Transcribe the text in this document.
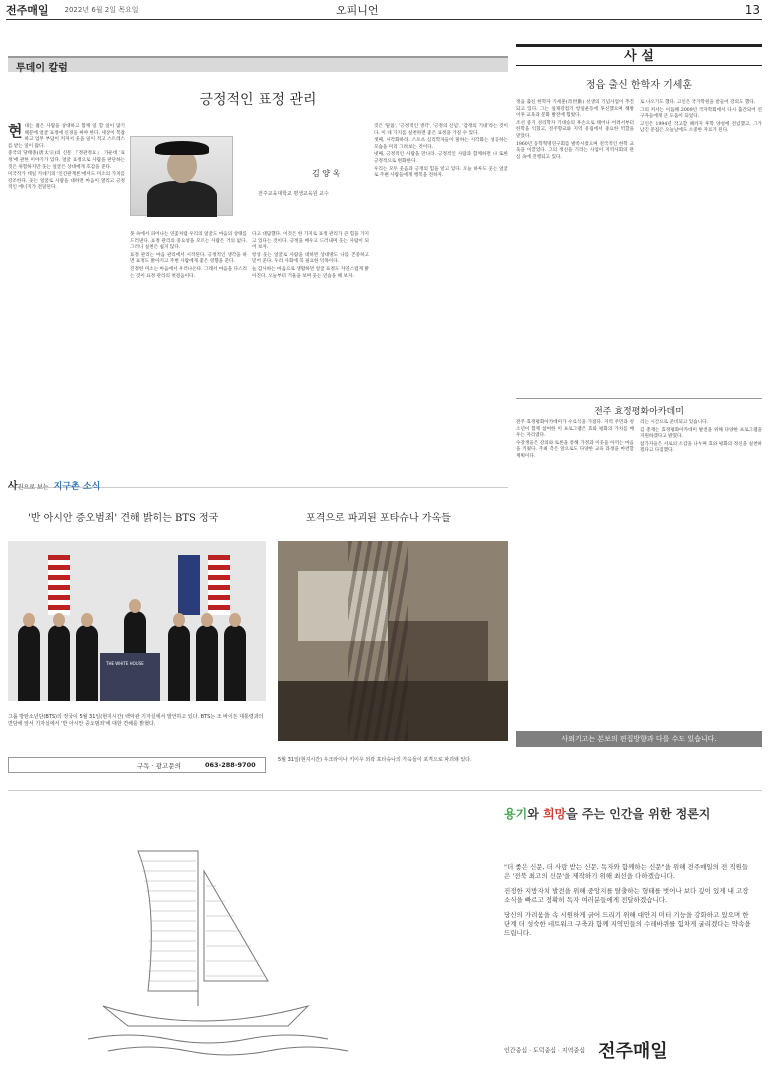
전주매일 2022년 6월 2일 목요일	오피니언	13
투데이 칼럼
긍정적인 표정 관리
현 대는 젊은 사람을 상대하고 함께 일 할 일이 많기 때문에 얼굴 표정에 신경을 써야 한다. 세상이 복잡하고 업무 부담이 커져서 웃을 일이 적고 스트레스를 받는 일이 많다.

중국의 당태종(唐太宗)의 신문 『정관정요』 가운데 '표정'에 관한 이야기가 있다. 얼굴 표정으로 사람을 판단하는 것은 위험하지만 웃는 얼굴은 상대에게 호감을 준다.

미국작가 데일 카네기의 '인간관계론'에서도 미소의 가치를 강조한다. 웃는 얼굴로 사람을 대하면 마음이 열리고 긍정적인 에너지가 전달된다.

김 양 옥
전주교육대학교 평생교육원 교수

못 속에서 피어나는 연꽃처럼 우리의 얼굴도 마음의 상태를 드러낸다. 표정 관리의 중요성을 모르는 사람은 거의 없다. 그러나 실천은 쉽지 않다.

표정 관리는 마음 관리에서 시작된다. 긍정적인 생각을 하면 표정도 밝아지고 주변 사람에게 좋은 영향을 준다.

진정한 미소는 마음에서 우러나온다. 그래서 마음을 다스리는 것이 표정 관리의 첫걸음이다.

다고 대답했다. 이것은 한 가지로 표정 관리가 큰 힘을 가지고 있다는 것이다. 긍정을 배우고 드러내며 웃는 사람이 되어 보자.

항상 웃는 얼굴로 사람을 대하면 상대방도 나를 존중하고 믿어 준다. 우리 사회에 꼭 필요한 덕목이다.

늘 감사하는 마음으로 생활하면 얼굴 표정도 자연스럽게 밝아진다. 오늘부터 거울을 보며 웃는 연습을 해 보자.

것은 '말씀', '긍정적인 생각', '긍정의 신념', '감정의 기대'라는 것이다. 이 네 가지를 실천하면 좋은 표정을 가질 수 있다.

셋째, 시각화하라. 스포츠 심리학자들이 말하는 시각화는 성공하는 모습을 미리 그려보는 것이다.

넷째, 긍정적인 사람을 만나라. 긍정적인 사람과 함께하면 나 또한 긍정적으로 변화한다.

우리는 모두 웃음과 긍정의 힘을 알고 있다. 오늘 하루도 웃는 얼굴로 주변 사람들에게 행복을 전하자.

사진으로 보는 지구촌 소식
'반 아시안 증오범죄' 견해 밝히는 BTS 정국	포격으로 파괴된 포타슈나 가옥들
THE WHITE HOUSE
그룹 방탄소년단(BTS)의 정국이 5월 31일(현지시간) 백악관 기자실에서 발언하고 있다. BTS는 조 바이든 대통령과의 면담에 앞서 기자실에서 '반 아시안 증오범죄'에 대한 견해를 밝혔다.
구독 · 광고문의	063-288-9700
5월 31일(현지시간) 우크라이나 키이우 외곽 포타슈나의 가옥들이 포격으로 파괴돼 있다.
사 설
정읍 출신 한학자 기세훈

정읍 출신 한학자 기세훈(奇世勳) 선생의 기념사업이 추진되고 있다. 그는 일제강점기 항일운동에 투신했으며 해방 이후 교육과 문화 발전에 힘썼다.

조선 중기 성리학자 기대승의 후손으로 태어나 어려서부터 한학을 익혔고, 전주향교와 지역 유림에서 중요한 역할을 맡았다.

1960년 동학혁명연구회를 발족시켰으며 전국적인 한학 교육을 이끌었다. 그의 정신을 기리는 사업이 지역사회의 관심 속에 진행되고 있다.

로 나오기도 했다. 고인은 국가학원을 받들어 강의도 했다.

그의 저서는 이듬해 2009년 국자학회에서 다시 출간되어 연구자들에게 큰 도움이 되었다.

고인은 1994년 작고할 때까지 후학 양성에 전념했고, 그가 남긴 문집은 오늘날에도 소중한 자료가 된다.

전주 효정평화아카데미

전주 효정평화아카데미가 수료식을 가졌다. 지역 주민과 청소년이 함께 참여한 이 프로그램은 효와 평화의 가치를 배우는 자리였다.

수강생들은 강의와 토론을 통해 가정과 이웃을 아끼는 마음을 키웠다. 주최 측은 앞으로도 다양한 교육 과정을 마련할 계획이다.

리는 시간으로 준비되고 있습니다.

김 총재는 효정평화아카데미 발전을 위해 다양한 프로그램을 지원하겠다고 밝혔다.

참가자들은 서로의 소감을 나누며 효와 평화의 정신을 실천하겠다고 다짐했다.

사외기고는 본보의 편집방향과 다를 수도 있습니다.
용기와 희망을 주는 인간을 위한 정론지

"더 좋은 신문, 더 사랑 받는 신문, 독자와 함께하는 신문"을 위해 전주매일의 전 직원들은 '전북 최고의 신문'을 제작하기 위해 최선을 다하겠습니다.

진정한 지방자치 발전을 위해 중앙지를 탈출하는 형태를 벗어나 보다 깊이 있게 내 고장 소식을 빠르고 정확히 독자 여러분들에게 전달하겠습니다.

당신의 가려움을 속 시원하게 긁어 드리기 위해 대안지 미터 기능을 강화하고 있으며 한 단계 더 성숙한 네트워크 구축과 함께 지역민들의 수레바퀴를 힘차게 굴리겠다는 약속을 드립니다.

인간중심 · 도덕중심 · 지역중심 전주매일
